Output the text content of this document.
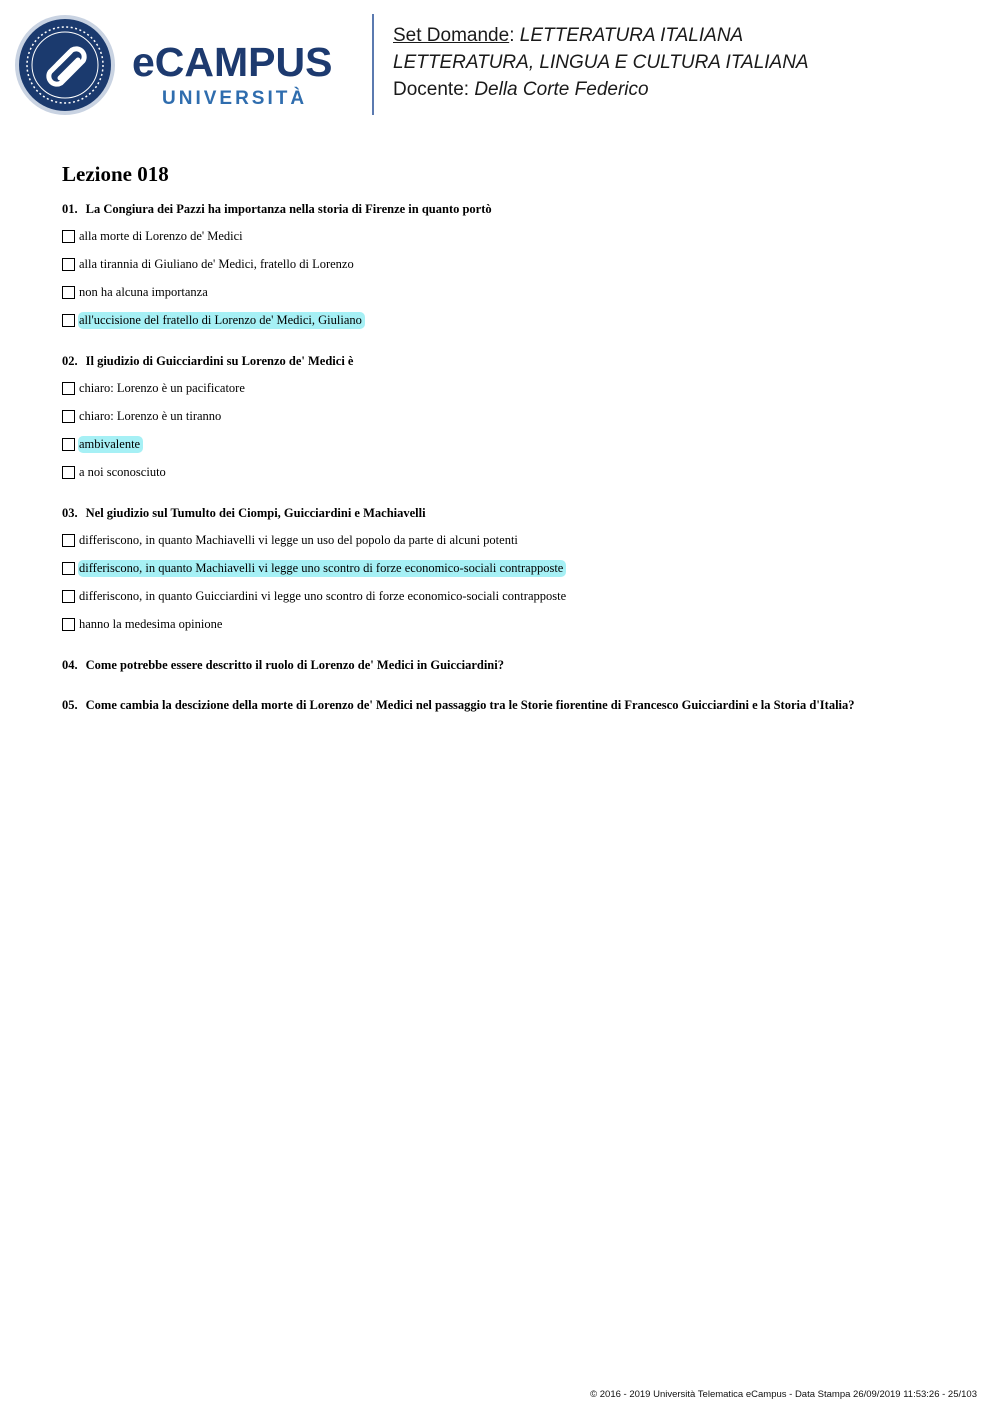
eCAMPUS
UNIVERSITÀ
Set Domande: LETTERATURA ITALIANA
LETTERATURA, LINGUA E CULTURA ITALIANA
Docente: Della Corte Federico
Lezione 018
01. La Congiura dei Pazzi ha importanza nella storia di Firenze in quanto portò
alla morte di Lorenzo de' Medici
alla tirannia di Giuliano de' Medici, fratello di Lorenzo
non ha alcuna importanza
all'uccisione del fratello di Lorenzo de' Medici, Giuliano
02. Il giudizio di Guicciardini su Lorenzo de' Medici è
chiaro: Lorenzo è un pacificatore
chiaro: Lorenzo è un tiranno
ambivalente
a noi sconosciuto
03. Nel giudizio sul Tumulto dei Ciompi, Guicciardini e Machiavelli
differiscono, in quanto Machiavelli vi legge un uso del popolo da parte di alcuni potenti
differiscono, in quanto Machiavelli vi legge uno scontro di forze economico-sociali contrapposte
differiscono, in quanto Guicciardini vi legge uno scontro di forze economico-sociali contrapposte
hanno la medesima opinione
04. Come potrebbe essere descritto il ruolo di Lorenzo de' Medici in Guicciardini?
05. Come cambia la descizione della morte di Lorenzo de' Medici nel passaggio tra le Storie fiorentine di Francesco Guicciardini e la Storia d'Italia?
© 2016 - 2019 Università Telematica eCampus - Data Stampa 26/09/2019 11:53:26 - 25/103
